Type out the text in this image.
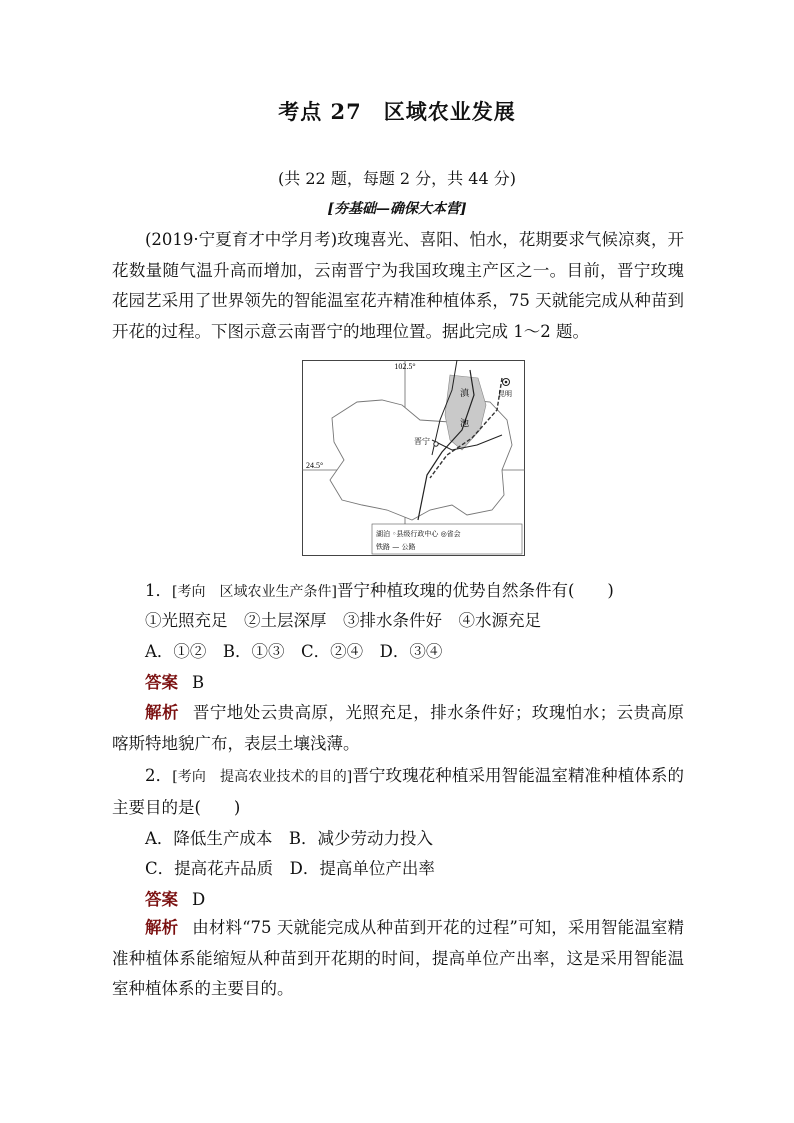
考点 27　区域农业发展
(共 22 题，每题 2 分，共 44 分)
[夯基础—确保大本营]
(2019·宁夏育才中学月考)玫瑰喜光、喜阳、怕水，花期要求气候凉爽，开花数量随气温升高而增加，云南晋宁为我国玫瑰主产区之一。目前，晋宁玫瑰花园艺采用了世界领先的智能温室花卉精准种植体系，75 天就能完成从种苗到开花的过程。下图示意云南晋宁的地理位置。据此完成 1～2 题。
102.5°
24.5°
滇
池
晋宁
昆明
湖泊 ◦县级行政中心 ◎省会
铁路 — 公路
1．[考向　区域农业生产条件]晋宁种植玫瑰的优势自然条件有(　　)
①光照充足　②土层深厚　③排水条件好　④水源充足
A．①②　B．①③　C．②④　D．③④
答案 B
解析 晋宁地处云贵高原，光照充足，排水条件好；玫瑰怕水；云贵高原喀斯特地貌广布，表层土壤浅薄。
2．[考向　提高农业技术的目的]晋宁玫瑰花种植采用智能温室精准种植体系的主要目的是(　　)
A．降低生产成本　B．减少劳动力投入
C．提高花卉品质　D．提高单位产出率
答案 D
解析 由材料“75 天就能完成从种苗到开花的过程”可知，采用智能温室精准种植体系能缩短从种苗到开花期的时间，提高单位产出率，这是采用智能温室种植体系的主要目的。
